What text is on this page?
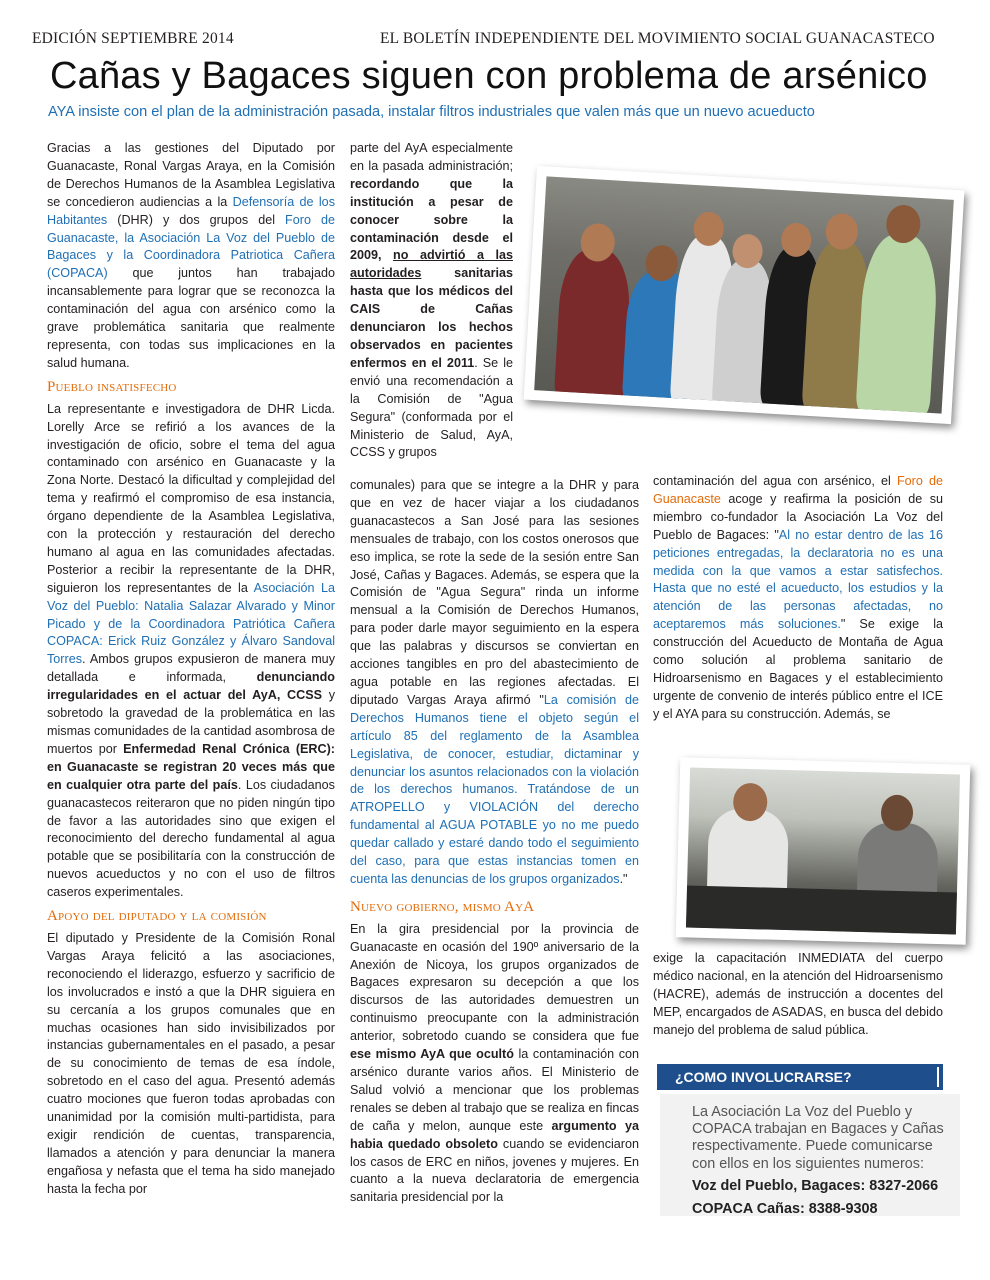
EDICIÓN SEPTIEMBRE 2014	EL BOLETÍN INDEPENDIENTE DEL MOVIMIENTO SOCIAL GUANACASTECO
Cañas y Bagaces siguen con problema de arsénico
AYA insiste con el plan de la administración pasada, instalar filtros industriales que valen más que un nuevo acueducto

Gracias a las gestiones del Diputado por Guanacaste, Ronal Vargas Araya, en la Comisión de Derechos Humanos de la Asamblea Legislativa se concedieron audiencias a la Defensoría de los Habitantes (DHR) y dos grupos del Foro de Guanacaste, la Asociación La Voz del Pueblo de Bagaces y la Coordinadora Patriotica Cañera (COPACA) que juntos han trabajado incansablemente para lograr que se reconozca la contaminación del agua con arsénico como la grave problemática sanitaria que realmente representa, con todas sus implicaciones en la salud humana.

Pueblo insatisfecho

La representante e investigadora de DHR Licda. Lorelly Arce se refirió a los avances de la investigación de oficio, sobre el tema del agua contaminado con arsénico en Guanacaste y la Zona Norte. Destacó la dificultad y complejidad del tema y reafirmó el compromiso de esa instancia, órgano dependiente de la Asamblea Legislativa, con la protección y restauración del derecho humano al agua en las comunidades afectadas. Posterior a recibir la representante de la DHR, siguieron los representantes de la Asociación La Voz del Pueblo: Natalia Salazar Alvarado y Minor Picado y de la Coordinadora Patriótica Cañera COPACA: Erick Ruiz González y Álvaro Sandoval Torres. Ambos grupos expusieron de manera muy detallada e informada, denunciando irregularidades en el actuar del AyA, CCSS y sobretodo la gravedad de la problemática en las mismas comunidades de la cantidad asombrosa de muertos por Enfermedad Renal Crónica (ERC): en Guanacaste se registran 20 veces más que en cualquier otra parte del país. Los ciudadanos guanacastecos reiteraron que no piden ningún tipo de favor a las autoridades sino que exigen el reconocimiento del derecho fundamental al agua potable que se posibilitaría con la construcción de nuevos acueductos y no con el uso de filtros caseros experimentales.

Apoyo del diputado y la comisión

El diputado y Presidente de la Comisión Ronal Vargas Araya felicitó a las asociaciones, reconociendo el liderazgo, esfuerzo y sacrificio de los involucrados e instó a que la DHR siguiera en su cercanía a los grupos comunales que en muchas ocasiones han sido invisibilizados por instancias gubernamentales en el pasado, a pesar de su conocimiento de temas de esa índole, sobretodo en el caso del agua. Presentó además cuatro mociones que fueron todas aprobadas con unanimidad por la comisión multi-partidista, para exigir rendición de cuentas, transparencia, llamados a atención y para denunciar la manera engañosa y nefasta que el tema ha sido manejado hasta la fecha por

parte del AyA especialmente en la pasada administración; recordando que la institución a pesar de conocer sobre la contaminación desde el 2009, no advirtió a las autoridades sanitarias hasta que los médicos del CAIS de Cañas denunciaron los hechos observados en pacientes enfermos en el 2011. Se le envió una recomendación a la Comisión de "Agua Segura" (conformada por el Ministerio de Salud, AyA, CCSS y grupos

comunales) para que se integre a la DHR y para que en vez de hacer viajar a los ciudadanos guanacastecos a San José para las sesiones mensuales de trabajo, con los costos onerosos que eso implica, se rote la sede de la sesión entre San José, Cañas y Bagaces. Además, se espera que la Comisión de "Agua Segura" rinda un informe mensual a la Comisión de Derechos Humanos, para poder darle mayor seguimiento en la espera que las palabras y discursos se conviertan en acciones tangibles en pro del abastecimiento de agua potable en las regiones afectadas. El diputado Vargas Araya afirmó "La comisión de Derechos Humanos tiene el objeto según el artículo 85 del reglamento de la Asamblea Legislativa, de conocer, estudiar, dictaminar y denunciar los asuntos relacionados con la violación de los derechos humanos. Tratándose de un ATROPELLO y VIOLACIÓN del derecho fundamental al AGUA POTABLE yo no me puedo quedar callado y estaré dando todo el seguimiento del caso, para que estas instancias tomen en cuenta las denuncias de los grupos organizados."

Nuevo gobierno, mismo AyA

En la gira presidencial por la provincia de Guanacaste en ocasión del 190º aniversario de la Anexión de Nicoya, los grupos organizados de Bagaces expresaron su decepción a que los discursos de las autoridades demuestren un continuismo preocupante con la administración anterior, sobretodo cuando se considera que fue ese mismo AyA que ocultó la contaminación con arsénico durante varios años. El Ministerio de Salud volvió a mencionar que los problemas renales se deben al trabajo que se realiza en fincas de caña y melon, aunque este argumento ya habia quedado obsoleto cuando se evidenciaron los casos de ERC en niños, jovenes y mujeres. En cuanto a la nueva declaratoria de emergencia sanitaria presidencial por la

contaminación del agua con arsénico, el Foro de Guanacaste acoge y reafirma la posición de su miembro co-fundador la Asociación La Voz del Pueblo de Bagaces: "Al no estar dentro de las 16 peticiones entregadas, la declaratoria no es una medida con la que vamos a estar satisfechos. Hasta que no esté el acueducto, los estudios y la atención de las personas afectadas, no aceptaremos más soluciones." Se exige la construcción del Acueducto de Montaña de Agua como solución al problema sanitario de Hidroarsenismo en Bagaces y el establecimiento urgente de convenio de interés público entre el ICE y el AYA para su construcción. Además, se

exige la capacitación INMEDIATA del cuerpo médico nacional, en la atención del Hidroarsenismo (HACRE), además de instrucción a docentes del MEP, encargados de ASADAS, en busca del debido manejo del problema de salud pública.

¿COMO INVOLUCRARSE?

La Asociación La Voz del Pueblo y COPACA trabajan en Bagaces y Cañas respectivamente. Puede comunicarse con ellos en los siguientes numeros:

Voz del Pueblo, Bagaces: 8327-2066

COPACA Cañas: 8388-9308
